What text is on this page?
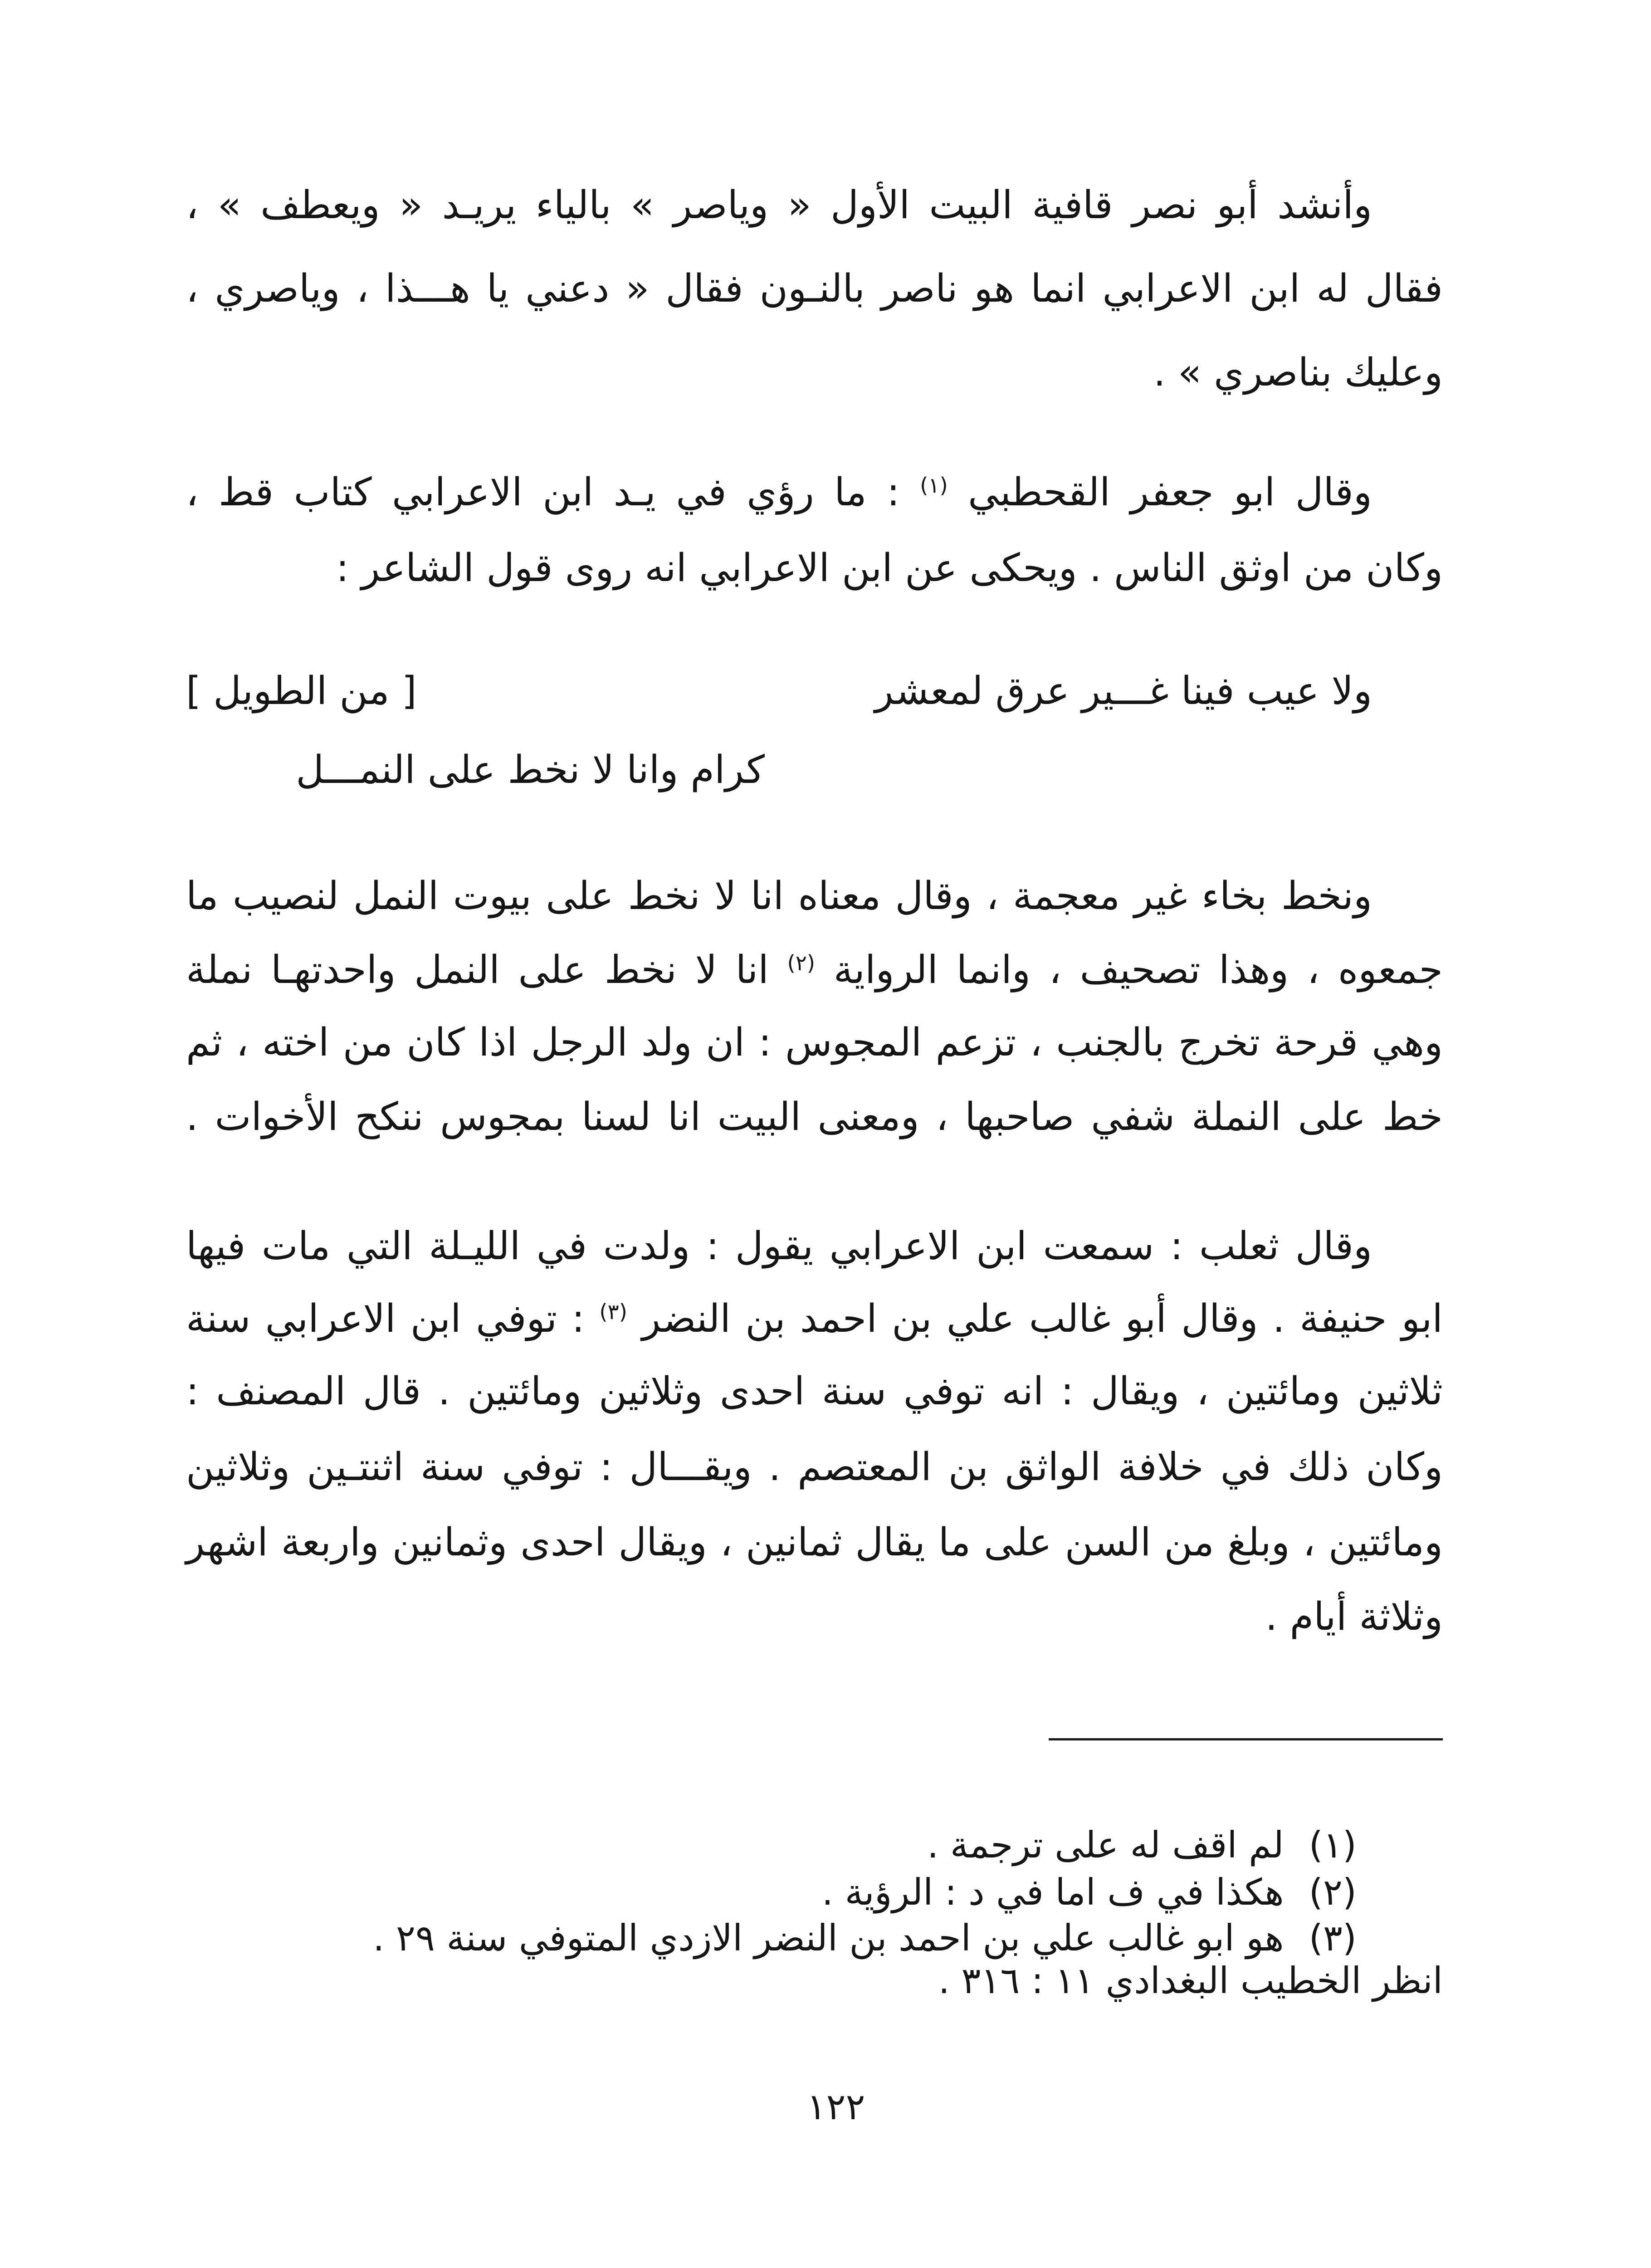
وأنشد أبو نصر قافية البيت الأول « وياصر » بالياء يريـد « ويعطف » ،
فقال له ابن الاعرابي انما هو ناصر بالنـون فقال « دعني يا هـــذا ، وياصري ،
وعليك بناصري » .
وقال ابو جعفر القحطبي $^{(١)}$ : ما رؤي في يـد ابن الاعرابي كتاب قط ،
وكان من اوثق الناس . ويحكى عن ابن الاعرابي انه روى قول الشاعر :
ولا عيب فينا غـــير عرق لمعشر
[ من الطويل ]
كرام وانا لا نخط على النمـــل
ونخط بخاء غير معجمة ، وقال معناه انا لا نخط على بيوت النمل لنصيب ما
جمعوه ، وهذا تصحيف ، وانما الرواية $^{(٢)}$ انا لا نخط على النمل واحدتهـا نملة
وهي قرحة تخرج بالجنب ، تزعم المجوس : ان ولد الرجل اذا كان من اخته ، ثم
خط على النملة شفي صاحبها ، ومعنى البيت انا لسنا بمجوس ننكح الأخوات .
وقال ثعلب : سمعت ابن الاعرابي يقول : ولدت في الليـلة التي مات فيها
ابو حنيفة . وقال أبو غالب علي بن احمد بن النضر $^{(٣)}$ : توفي ابن الاعرابي سنة
ثلاثين ومائتين ، ويقال : انه توفي سنة احدى وثلاثين ومائتين . قال المصنف :
وكان ذلك في خلافة الواثق بن المعتصم . ويقـــال : توفي سنة اثنتـين وثلاثين
ومائتين ، وبلغ من السن على ما يقال ثمانين ، ويقال احدى وثمانين واربعة اشهر
وثلاثة أيام .
(١)لم اقف له على ترجمة .
(٢)هكذا في ف اما في د : الرؤية .
(٣)هو ابو غالب علي بن احمد بن النضر الازدي المتوفي سنة ٢٩ .
انظر الخطيب البغدادي ١١ : ٣١٦ .
١٢٢
